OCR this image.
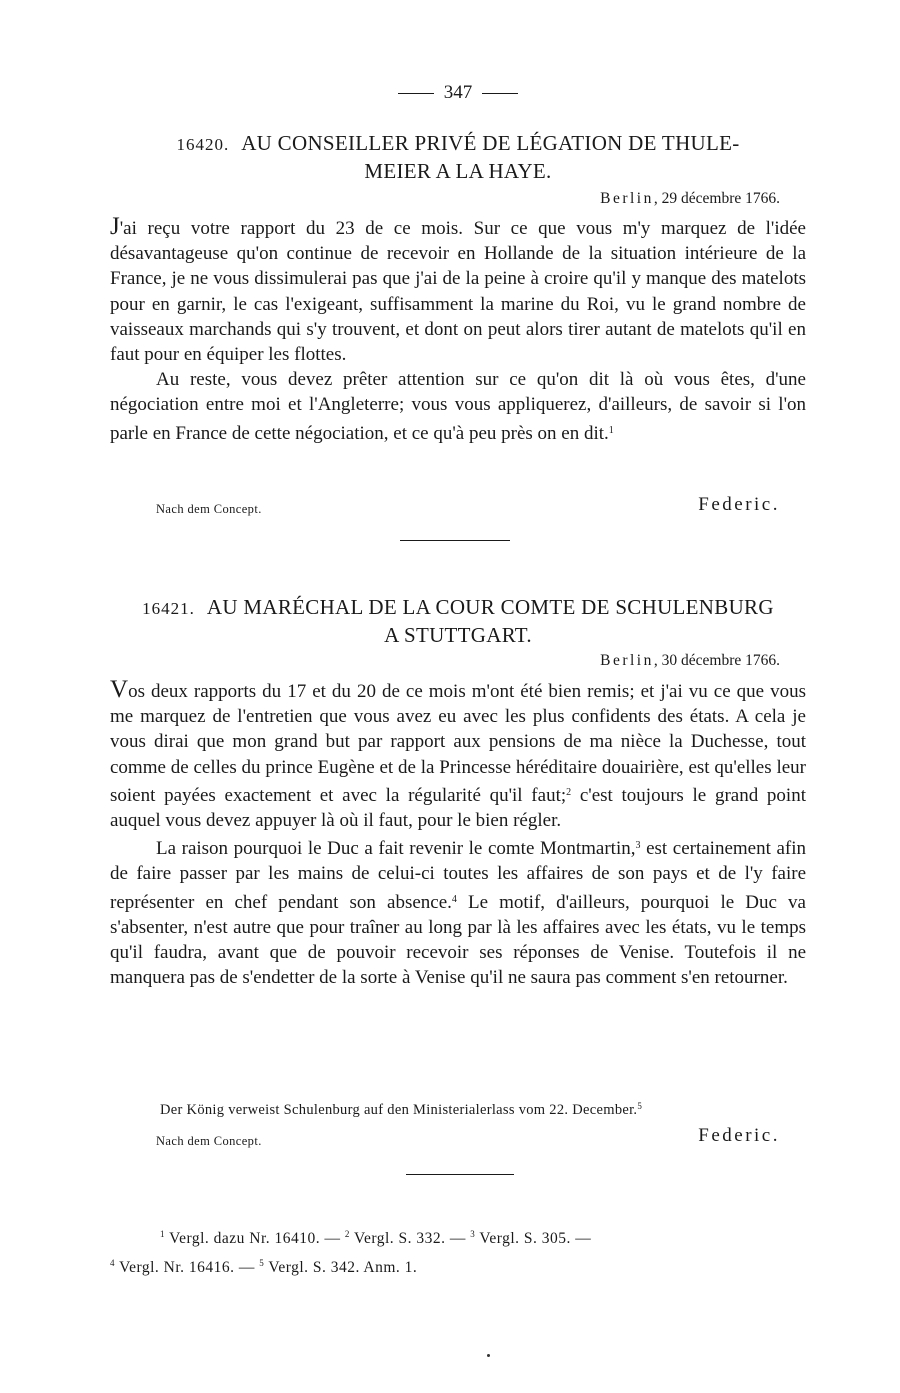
347
16420. AU CONSEILLER PRIVÉ DE LÉGATION DE THULE-
MEIER A LA HAYE.
Berlin, 29 décembre 1766.

J'ai reçu votre rapport du 23 de ce mois. Sur ce que vous m'y marquez de l'idée désavantageuse qu'on continue de recevoir en Hollande de la situation intérieure de la France, je ne vous dissimulerai pas que j'ai de la peine à croire qu'il y manque des matelots pour en garnir, le cas l'exigeant, suffisamment la marine du Roi, vu le grand nombre de vaisseaux marchands qui s'y trouvent, et dont on peut alors tirer autant de matelots qu'il en faut pour en équiper les flottes.

Au reste, vous devez prêter attention sur ce qu'on dit là où vous êtes, d'une négociation entre moi et l'Angleterre; vous vous appliquerez, d'ailleurs, de savoir si l'on parle en France de cette négociation, et ce qu'à peu près on en dit.$^1$

Nach dem Concept.	Federic.
16421. AU MARÉCHAL DE LA COUR COMTE DE SCHULENBURG
A STUTTGART.
Berlin, 30 décembre 1766.

Vos deux rapports du 17 et du 20 de ce mois m'ont été bien remis; et j'ai vu ce que vous me marquez de l'entretien que vous avez eu avec les plus confidents des états. A cela je vous dirai que mon grand but par rapport aux pensions de ma nièce la Duchesse, tout comme de celles du prince Eugène et de la Princesse héréditaire douairière, est qu'elles leur soient payées exactement et avec la régularité qu'il faut;$^2$ c'est toujours le grand point auquel vous devez appuyer là où il faut, pour le bien régler.

La raison pourquoi le Duc a fait revenir le comte Montmartin,$^3$ est certainement afin de faire passer par les mains de celui-ci toutes les affaires de son pays et de l'y faire représenter en chef pendant son absence.$^4$ Le motif, d'ailleurs, pourquoi le Duc va s'absenter, n'est autre que pour traîner au long par là les affaires avec les états, vu le temps qu'il faudra, avant que de pouvoir recevoir ses réponses de Venise. Toutefois il ne manquera pas de s'endetter de la sorte à Venise qu'il ne saura pas comment s'en retourner.

Der König verweist Schulenburg auf den Ministerialerlass vom 22. December.$^5$
Nach dem Concept.	Federic.
$^1$ Vergl. dazu Nr. 16410. — $^2$ Vergl. S. 332. — $^3$ Vergl. S. 305. —
$^4$ Vergl. Nr. 16416. — $^5$ Vergl. S. 342. Anm. 1.
